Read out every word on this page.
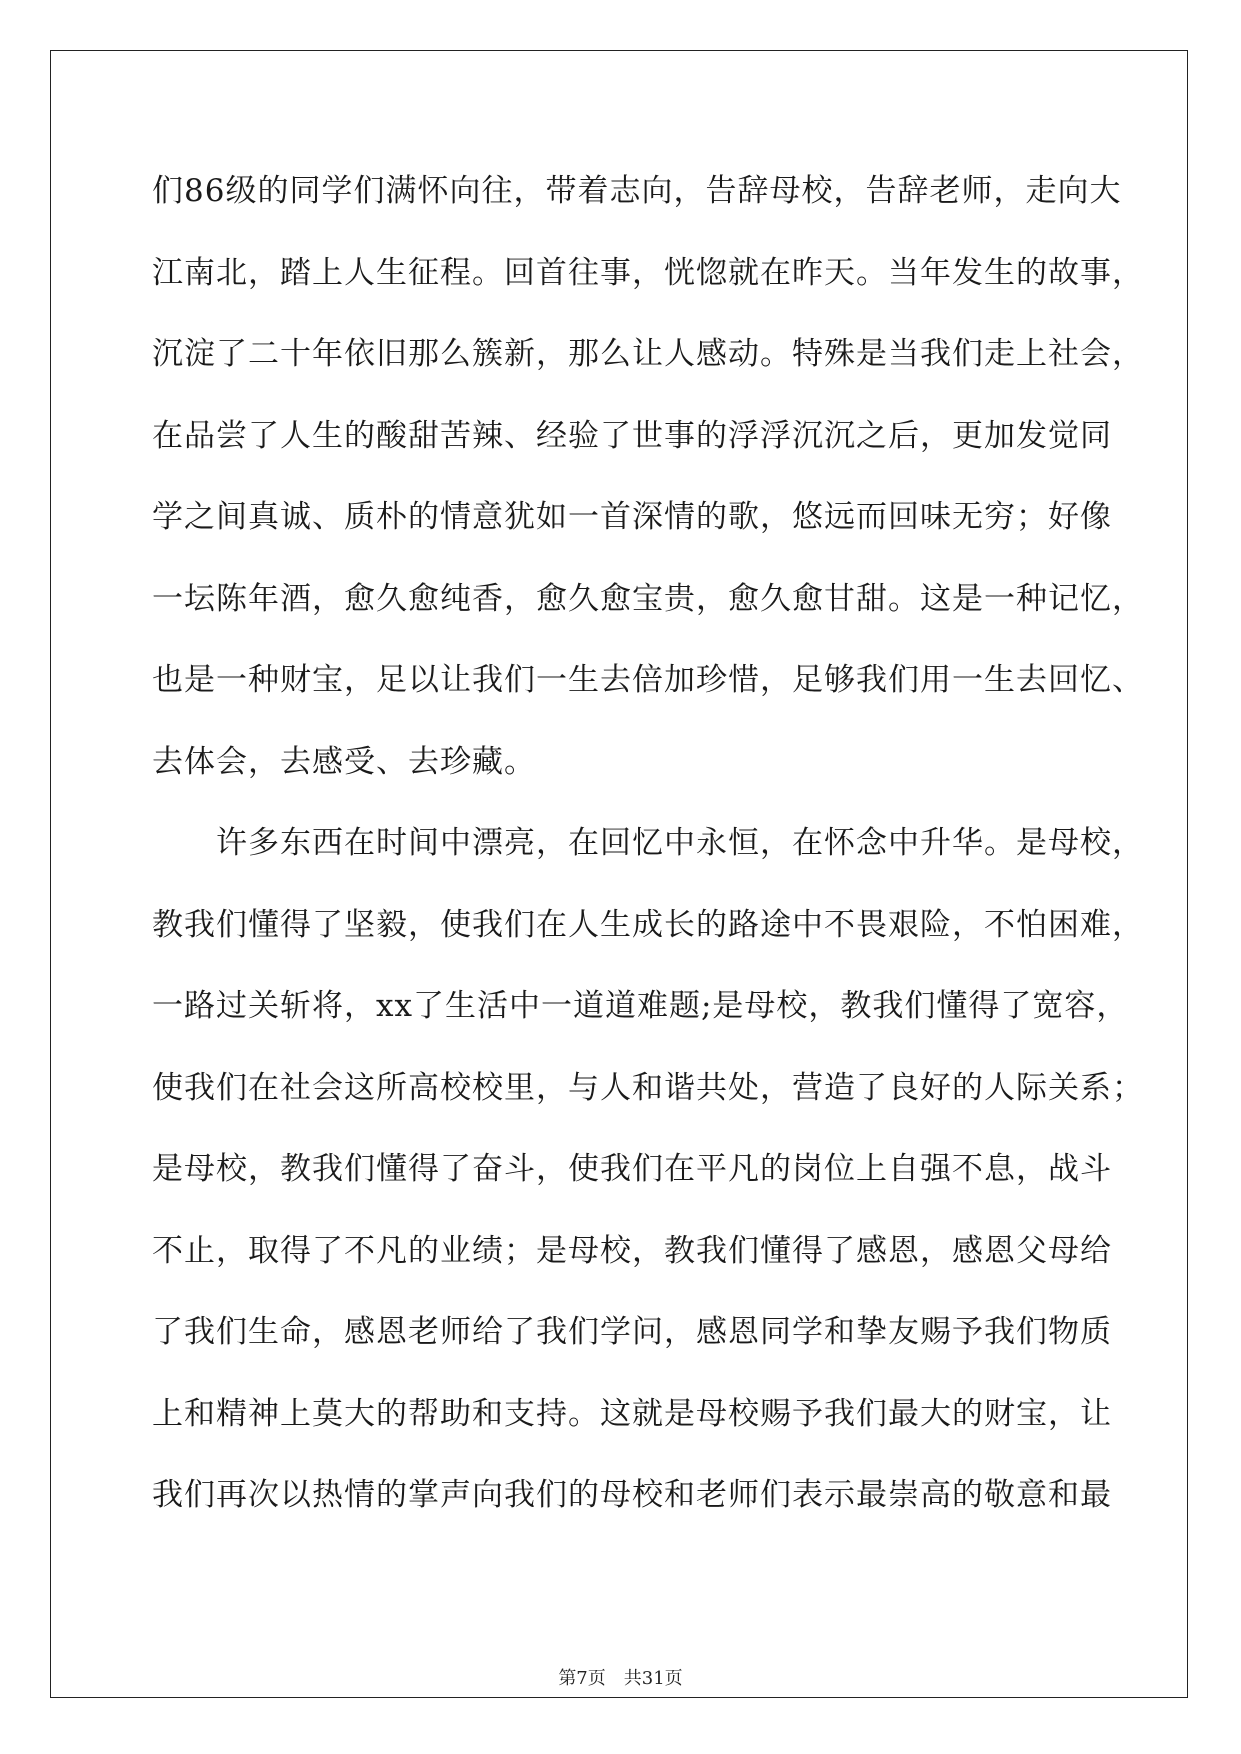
们86级的同学们满怀向往，带着志向，告辞母校，告辞老师，走向大
江南北，踏上人生征程。回首往事，恍惚就在昨天。当年发生的故事，
沉淀了二十年依旧那么簇新，那么让人感动。特殊是当我们走上社会，
在品尝了人生的酸甜苦辣、经验了世事的浮浮沉沉之后，更加发觉同
学之间真诚、质朴的情意犹如一首深情的歌，悠远而回味无穷；好像
一坛陈年酒，愈久愈纯香，愈久愈宝贵，愈久愈甘甜。这是一种记忆，
也是一种财宝，足以让我们一生去倍加珍惜，足够我们用一生去回忆、
去体会，去感受、去珍藏。
　　许多东西在时间中漂亮，在回忆中永恒，在怀念中升华。是母校，
教我们懂得了坚毅，使我们在人生成长的路途中不畏艰险，不怕困难，
一路过关斩将，xx了生活中一道道难题;是母校，教我们懂得了宽容，
使我们在社会这所高校校里，与人和谐共处，营造了良好的人际关系；
是母校，教我们懂得了奋斗，使我们在平凡的岗位上自强不息，战斗
不止，取得了不凡的业绩；是母校，教我们懂得了感恩，感恩父母给
了我们生命，感恩老师给了我们学问，感恩同学和挚友赐予我们物质
上和精神上莫大的帮助和支持。这就是母校赐予我们最大的财宝，让
我们再次以热情的掌声向我们的母校和老师们表示最崇高的敬意和最
第7页　共31页
